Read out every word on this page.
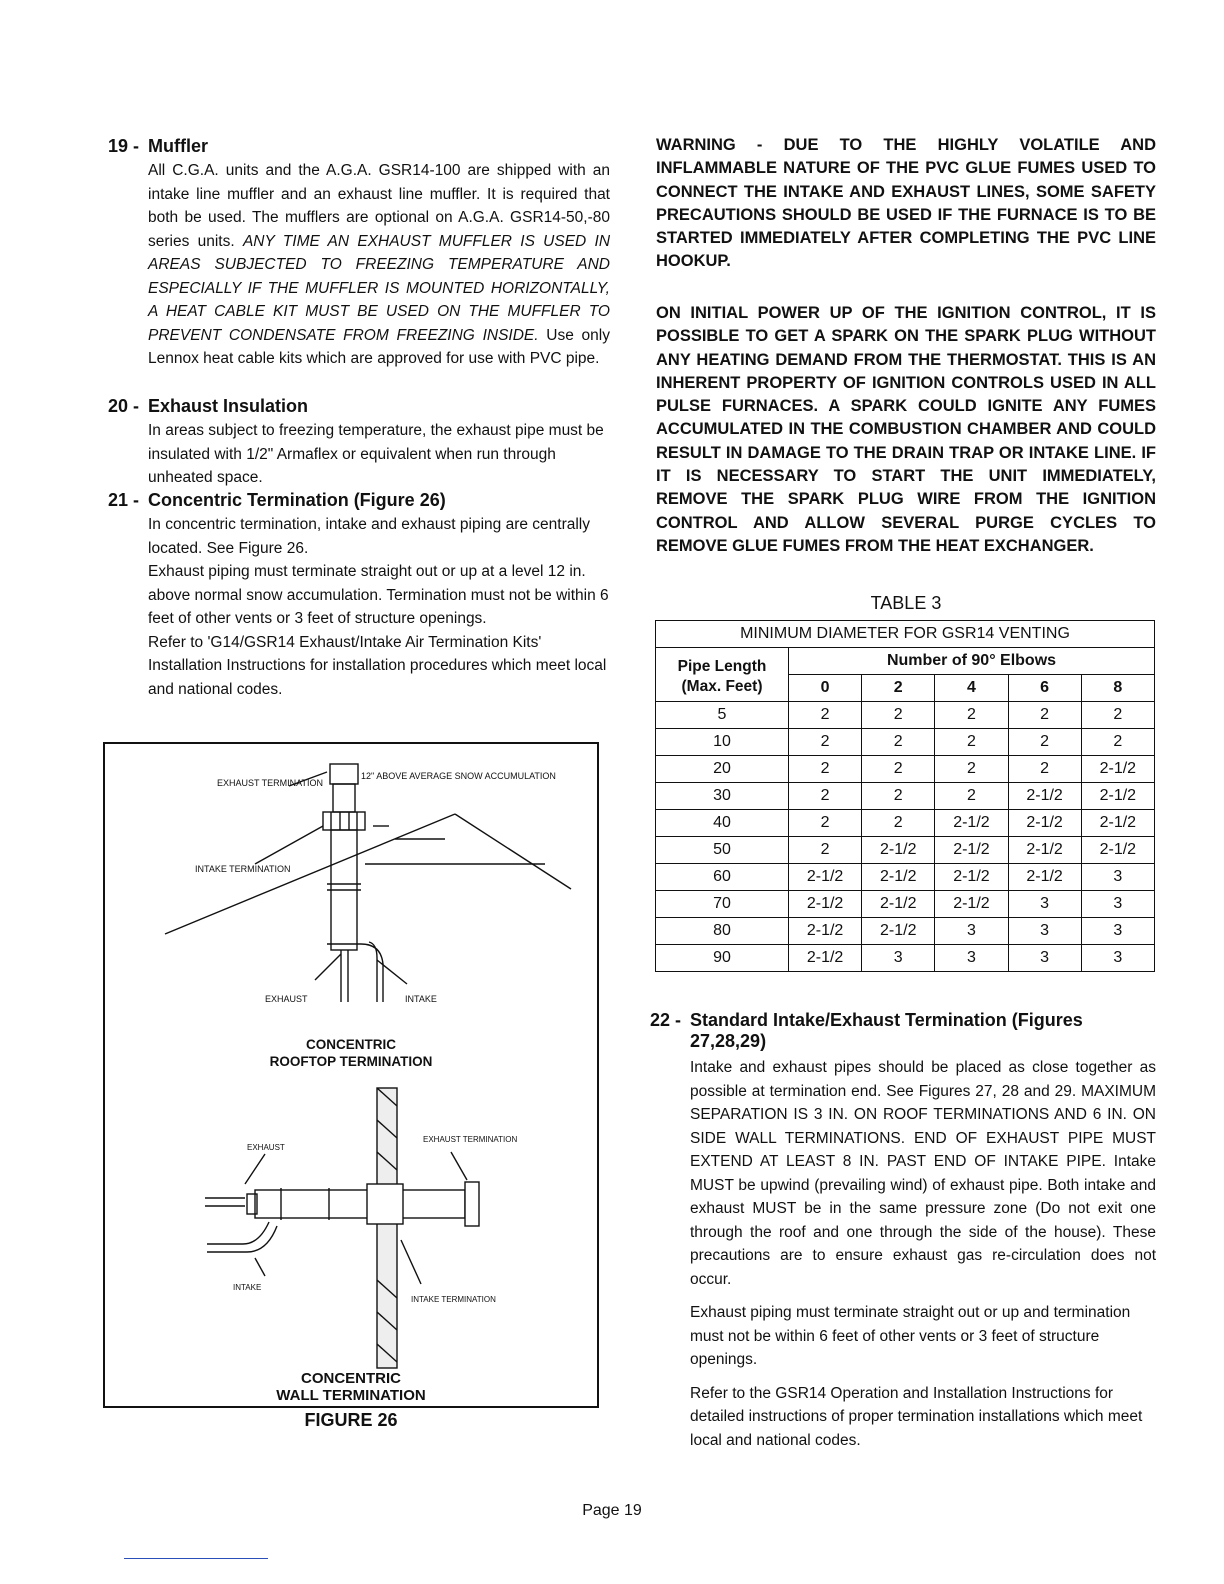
19 - Muffler

All C.G.A. units and the A.G.A. GSR14-100 are shipped with an intake line muffler and an exhaust line muffler. It is required that both be used. The mufflers are optional on A.G.A. GSR14-50,-80 series units. ANY TIME AN EXHAUST MUFFLER IS USED IN AREAS SUBJECTED TO FREEZING TEMPERATURE AND ESPECIALLY IF THE MUFFLER IS MOUNTED HORIZONTALLY, A HEAT CABLE KIT MUST BE USED ON THE MUFFLER TO PREVENT CONDENSATE FROM FREEZING INSIDE. Use only Lennox heat cable kits which are approved for use with PVC pipe.

20 - Exhaust Insulation

In areas subject to freezing temperature, the exhaust pipe must be insulated with 1/2" Armaflex or equivalent when run through unheated space.

21 - Concentric Termination (Figure 26)

In concentric termination, intake and exhaust piping are centrally located. See Figure 26.

Exhaust piping must terminate straight out or up at a level 12 in. above normal snow accumulation. Termination must not be within 6 feet of other vents or 3 feet of structure openings.

Refer to 'G14/GSR14 Exhaust/Intake Air Termination Kits' Installation Instructions for installation procedures which meet local and national codes.

EXHAUST TERMINATION
12" ABOVE AVERAGE SNOW ACCUMULATION
INTAKE TERMINATION
EXHAUST	INTAKE
CONCENTRIC
ROOFTOP TERMINATION
EXHAUST TERMINATION
EXHAUST
INTAKE
INTAKE TERMINATION
CONCENTRIC
WALL TERMINATION
FIGURE 26

WARNING - DUE TO THE HIGHLY VOLATILE AND INFLAMMABLE NATURE OF THE PVC GLUE FUMES USED TO CONNECT THE INTAKE AND EXHAUST LINES, SOME SAFETY PRECAUTIONS SHOULD BE USED IF THE FURNACE IS TO BE STARTED IMMEDIATELY AFTER COMPLETING THE PVC LINE HOOKUP.

ON INITIAL POWER UP OF THE IGNITION CONTROL, IT IS POSSIBLE TO GET A SPARK ON THE SPARK PLUG WITHOUT ANY HEATING DEMAND FROM THE THERMOSTAT. THIS IS AN INHERENT PROPERTY OF IGNITION CONTROLS USED IN ALL PULSE FURNACES. A SPARK COULD IGNITE ANY FUMES ACCUMULATED IN THE COMBUSTION CHAMBER AND COULD RESULT IN DAMAGE TO THE DRAIN TRAP OR INTAKE LINE. IF IT IS NECESSARY TO START THE UNIT IMMEDIATELY, REMOVE THE SPARK PLUG WIRE FROM THE IGNITION CONTROL AND ALLOW SEVERAL PURGE CYCLES TO REMOVE GLUE FUMES FROM THE HEAT EXCHANGER.

TABLE 3
MINIMUM DIAMETER FOR GSR14 VENTING					

Pipe Length
(Max. Feet)	Number of 90° Elbows				
	0	2	4	6	8
5	2	2	2	2	2
10	2	2	2	2	2
20	2	2	2	2	2-1/2
30	2	2	2	2-1/2	2-1/2
40	2	2	2-1/2	2-1/2	2-1/2
50	2	2-1/2	2-1/2	2-1/2	2-1/2
60	2-1/2	2-1/2	2-1/2	2-1/2	3
70	2-1/2	2-1/2	2-1/2	3	3
80	2-1/2	2-1/2	3	3	3
90	2-1/2	3	3	3	3
22 - Standard Intake/Exhaust Termination (Figures
27,28,29)

Intake and exhaust pipes should be placed as close together as possible at termination end. See Figures 27, 28 and 29. MAXIMUM SEPARATION IS 3 IN. ON ROOF TERMINATIONS AND 6 IN. ON SIDE WALL TERMINATIONS. END OF EXHAUST PIPE MUST EXTEND AT LEAST 8 IN. PAST END OF INTAKE PIPE. Intake MUST be upwind (prevailing wind) of exhaust pipe. Both intake and exhaust MUST be in the same pressure zone (Do not exit one through the roof and one through the side of the house). These precautions are to ensure exhaust gas re-circulation does not occur.

Exhaust piping must terminate straight out or up and termination must not be within 6 feet of other vents or 3 feet of structure openings.

Refer to the GSR14 Operation and Installation Instructions for detailed instructions of proper termination installations which meet local and national codes.

Page 19
